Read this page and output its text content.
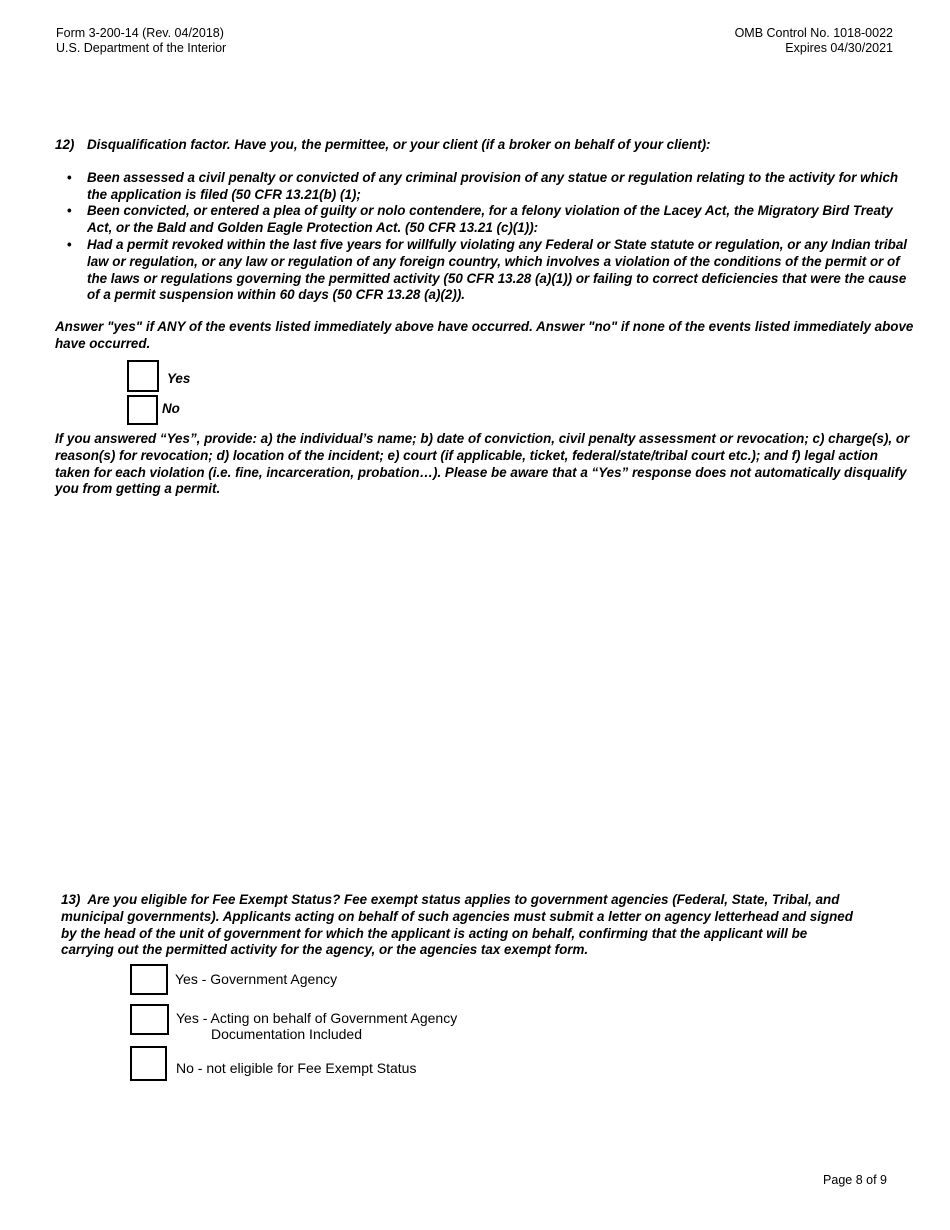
Form 3-200-14 (Rev. 04/2018)
U.S. Department of the Interior
OMB Control No. 1018-0022
Expires 04/30/2021
12) Disqualification factor. Have you, the permittee, or your client (if a broker on behalf of your client):
• Been assessed a civil penalty or convicted of any criminal provision of any statue or regulation relating to the activity for which the application is filed (50 CFR 13.21(b) (1);
• Been convicted, or entered a plea of guilty or nolo contendere, for a felony violation of the Lacey Act, the Migratory Bird Treaty Act, or the Bald and Golden Eagle Protection Act. (50 CFR 13.21 (c)(1)):
• Had a permit revoked within the last five years for willfully violating any Federal or State statute or regulation, or any Indian tribal law or regulation, or any law or regulation of any foreign country, which involves a violation of the conditions of the permit or of the laws or regulations governing the permitted activity (50 CFR 13.28 (a)(1)) or failing to correct deficiencies that were the cause of a permit suspension within 60 days (50 CFR 13.28 (a)(2)).
Answer "yes" if ANY of the events listed immediately above have occurred. Answer "no" if none of the events listed immediately above have occurred.
Yes
No
If you answered “Yes”, provide: a) the individual’s name; b) date of conviction, civil penalty assessment or revocation; c) charge(s), or reason(s) for revocation; d) location of the incident; e) court (if applicable, ticket, federal/state/tribal court etc.); and f) legal action taken for each violation (i.e. fine, incarceration, probation…). Please be aware that a “Yes” response does not automatically disqualify you from getting a permit.
13) Are you eligible for Fee Exempt Status? Fee exempt status applies to government agencies (Federal, State, Tribal, and municipal governments). Applicants acting on behalf of such agencies must submit a letter on agency letterhead and signed by the head of the unit of government for which the applicant is acting on behalf, confirming that the applicant will be carrying out the permitted activity for the agency, or the agencies tax exempt form.
Yes - Government Agency
Yes - Acting on behalf of Government Agency
Documentation Included
No - not eligible for Fee Exempt Status
Page 8 of 9
